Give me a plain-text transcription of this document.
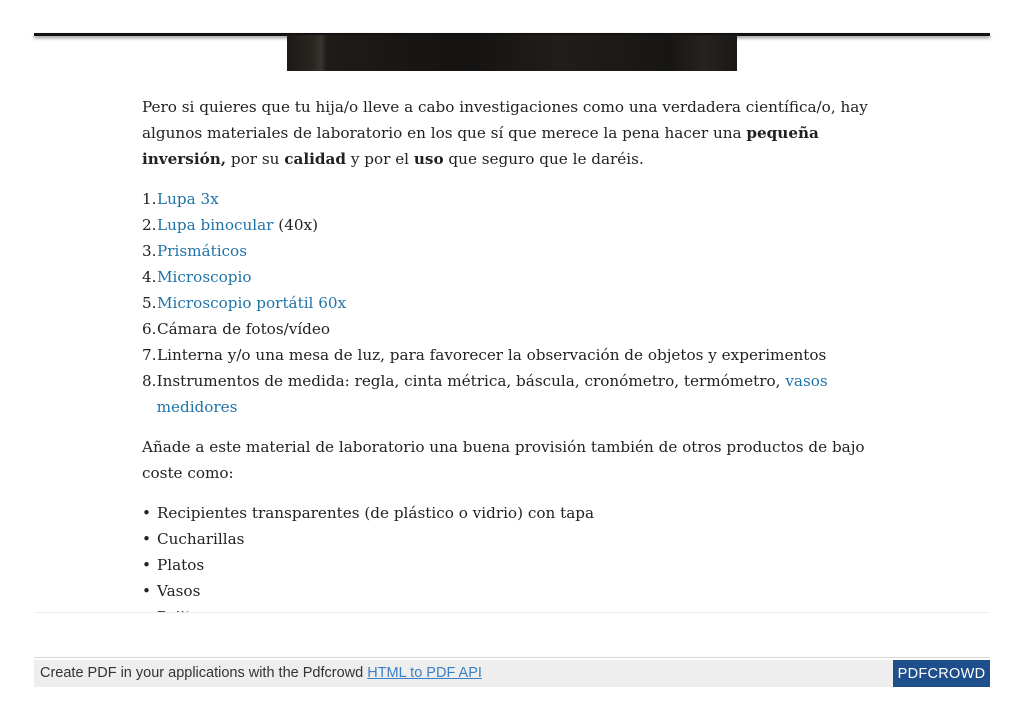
Pero si quieres que tu hija/o lleve a cabo investigaciones como una verdadera científica/o, hay algunos materiales de laboratorio en los que sí que merece la pena hacer una pequeña inversión, por su calidad y por el uso que seguro que le daréis.

1. Lupa 3x
2. Lupa binocular (40x)
3. Prismáticos
4. Microscopio
5. Microscopio portátil 60x
6. Cámara de fotos/vídeo
7. Linterna y/o una mesa de luz, para favorecer la observación de objetos y experimentos
8. Instrumentos de medida: regla, cinta métrica, báscula, cronómetro, termómetro, vasos medidores

Añade a este material de laboratorio una buena provisión también de otros productos de bajo coste como:

• Recipientes transparentes (de plástico o vidrio) con tapa
• Cucharillas
• Platos
• Vasos
Create PDF in your applications with the Pdfcrowd HTML to PDF API	PDFCROWD
